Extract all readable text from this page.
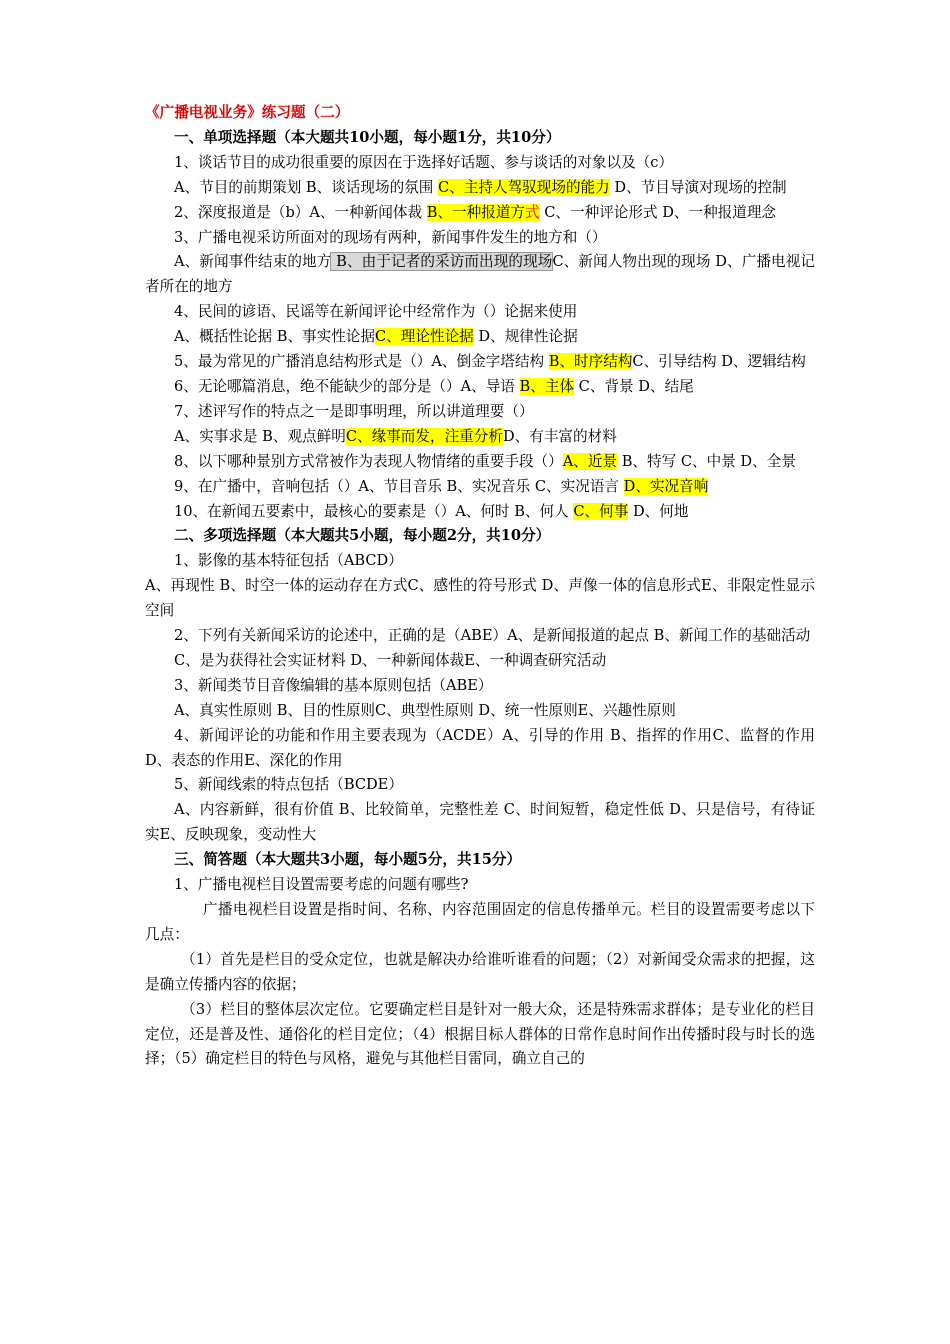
《广播电视业务》练习题（二）

一、单项选择题（本大题共10小题，每小题1分，共10分）

1、谈话节目的成功很重要的原因在于选择好话题、参与谈话的对象以及（c）

A、节目的前期策划 B、谈话现场的氛围 C、主持人驾驭现场的能力 D、节目导演对现场的控制

2、深度报道是（b）A、一种新闻体裁 B、一种报道方式 C、一种评论形式 D、一种报道理念

3、广播电视采访所面对的现场有两种，新闻事件发生的地方和（）

A、新闻事件结束的地方 B、由于记者的采访而出现的现场C、新闻人物出现的现场 D、广播电视记者所在的地方

4、民间的谚语、民谣等在新闻评论中经常作为（）论据来使用

A、概括性论据 B、事实性论据C、理论性论据 D、规律性论据

5、最为常见的广播消息结构形式是（）A、倒金字塔结构 B、时序结构C、引导结构 D、逻辑结构

6、无论哪篇消息，绝不能缺少的部分是（）A、导语 B、主体 C、背景 D、结尾

7、述评写作的特点之一是即事明理，所以讲道理要（）

A、实事求是 B、观点鲜明C、缘事而发，注重分析D、有丰富的材料

8、以下哪种景别方式常被作为表现人物情绪的重要手段（）A、近景 B、特写 C、中景 D、全景

9、在广播中，音响包括（）A、节目音乐 B、实况音乐 C、实况语言 D、实况音响

10、在新闻五要素中，最核心的要素是（）A、何时 B、何人 C、何事 D、何地

二、多项选择题（本大题共5小题，每小题2分，共10分）

1、影像的基本特征包括（ABCD）

A、再现性 B、时空一体的运动存在方式C、感性的符号形式 D、声像一体的信息形式E、非限定性显示空间

2、下列有关新闻采访的论述中，正确的是（ABE）A、是新闻报道的起点 B、新闻工作的基础活动

C、是为获得社会实证材料 D、一种新闻体裁E、一种调查研究活动

3、新闻类节目音像编辑的基本原则包括（ABE）

A、真实性原则 B、目的性原则C、典型性原则 D、统一性原则E、兴趣性原则

4、新闻评论的功能和作用主要表现为（ACDE）A、引导的作用 B、指挥的作用C、监督的作用 D、表态的作用E、深化的作用

5、新闻线索的特点包括（BCDE）

A、内容新鲜，很有价值 B、比较简单，完整性差 C、时间短暂，稳定性低 D、只是信号，有待证实E、反映现象，变动性大

三、简答题（本大题共3小题，每小题5分，共15分）

1、广播电视栏目设置需要考虑的问题有哪些?

广播电视栏目设置是指时间、名称、内容范围固定的信息传播单元。栏目的设置需要考虑以下几点：

（1）首先是栏目的受众定位，也就是解决办给谁听谁看的问题；（2）对新闻受众需求的把握，这是确立传播内容的依据；

（3）栏目的整体层次定位。它要确定栏目是针对一般大众，还是特殊需求群体；是专业化的栏目定位，还是普及性、通俗化的栏目定位；（4）根据目标人群体的日常作息时间作出传播时段与时长的选择；（5）确定栏目的特色与风格，避免与其他栏目雷同，确立自己的
